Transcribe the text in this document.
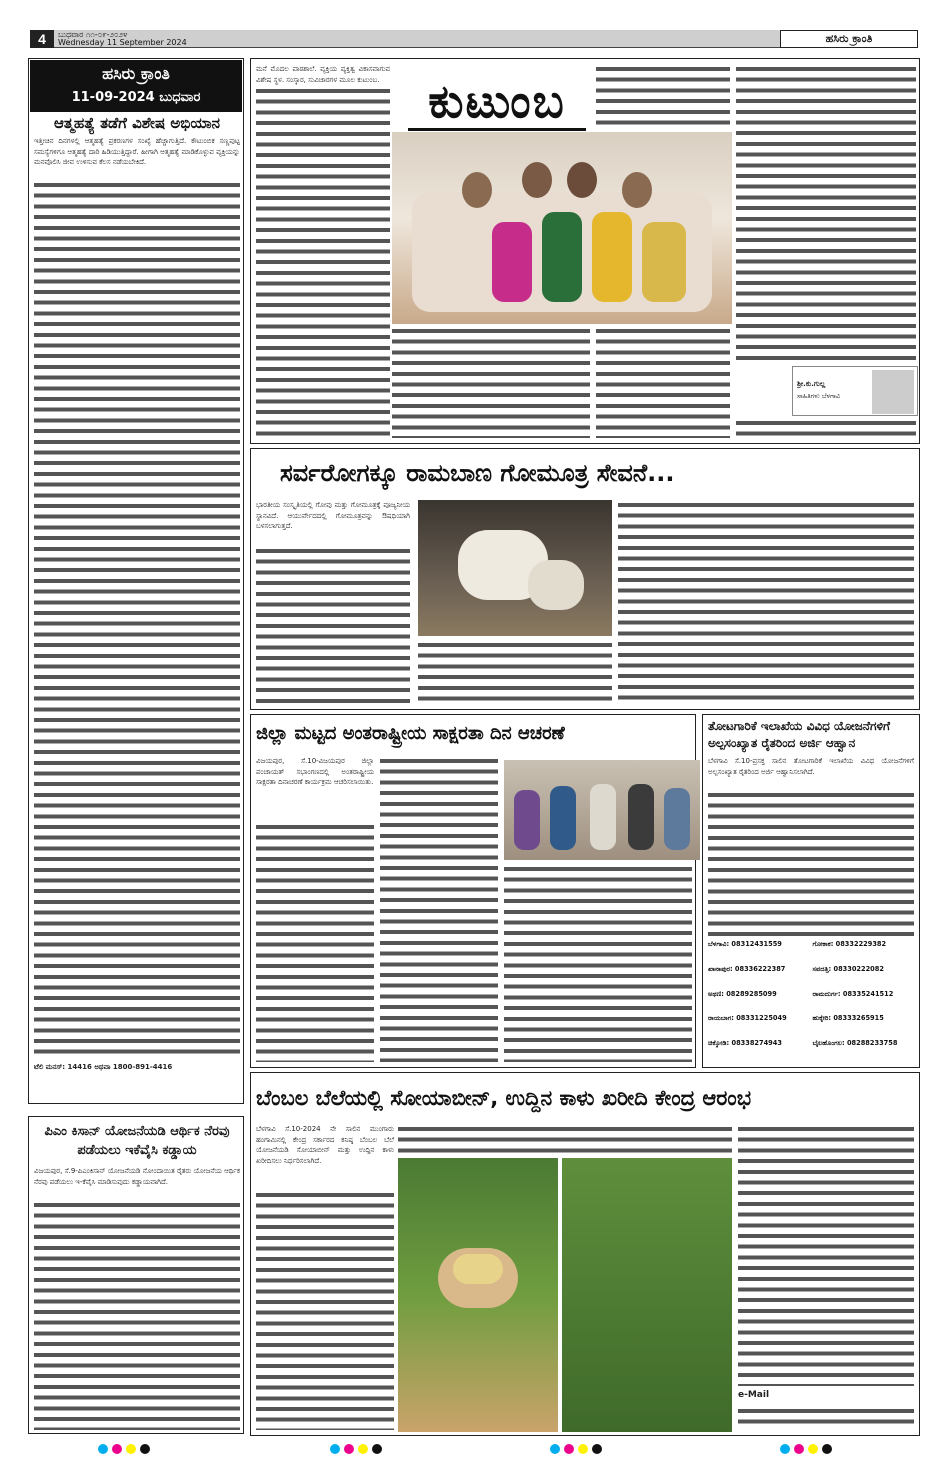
4	ಬುಧವಾರ ೧೧-೦೯-೨೦೨೪
Wednesday 11 September 2024	ಹಸಿರು ಕ್ರಾಂತಿ
ಹಸಿರು ಕ್ರಾಂತಿ
11-09-2024 ಬುಧವಾರ
ಆತ್ಮಹತ್ಯೆ ತಡೆಗೆ ವಿಶೇಷ ಅಭಿಯಾನ
ಇತ್ತೀಚಿನ ದಿನಗಳಲ್ಲಿ ಆತ್ಮಹತ್ಯೆ ಪ್ರಕರಣಗಳ ಸಂಖ್ಯೆ ಹೆಚ್ಚಾಗುತ್ತಿದೆ. ಕೌಟುಂಬಿಕ ಸಣ್ಣಪುಟ್ಟ ಸಮಸ್ಯೆಗಳಿಗೂ ಆತ್ಮಹತ್ಯೆ ದಾರಿ ಹಿಡಿಯುತ್ತಿದ್ದಾರೆ. ಹೀಗಾಗಿ ಆತ್ಮಹತ್ಯೆ ಮಾಡಿಕೊಳ್ಳುವ ವ್ಯಕ್ತಿಯನ್ನು ಮನವೊಲಿಸಿ ಜೀವ ಉಳಿಸುವ ಕೆಲಸ ನಡೆಯಬೇಕಿದೆ.
ಟೆಲಿ ಮನಸ್: 14416 ಅಥವಾ 1800-891-4416
ಪಿಎಂ ಕಿಸಾನ್ ಯೋಜನೆಯಡಿ ಆರ್ಥಿಕ ನೆರವು ಪಡೆಯಲು ಇಕೆವೈಸಿ ಕಡ್ಡಾಯ
ವಿಜಯಪುರ, ಸೆ.9-ಪಿಎಂಕಿಸಾನ್ ಯೋಜನೆಯಡಿ ನೋಂದಾಯಿತ ರೈತರು ಯೋಜನೆಯ ಆರ್ಥಿಕ ನೆರವು ಪಡೆಯಲು ಇ-ಕೆವೈಸಿ ಮಾಡಿಸುವುದು ಕಡ್ಡಾಯವಾಗಿದೆ.
ಕುಟುಂಬ
ಮನೆ ಮೊದಲ ಪಾಠಶಾಲೆ. ವ್ಯಕ್ತಿಯ ವ್ಯಕ್ತಿತ್ವ ವಿಕಾಸವಾಗುವ ವಿಶೇಷ ಸ್ಥಳ. ಸಂಸ್ಕಾರ, ಸುವಿಚಾರಗಳ ಮೂಲ ಕುಟುಂಬ.
ಶ್ರೀ.ಕು.ಗುಲ್ಲ
ಸಾಹಿತಿಗಳು ಬೆಳಗಾವಿ
ಸರ್ವರೋಗಕ್ಕೂ ರಾಮಬಾಣ ಗೋಮೂತ್ರ ಸೇವನೆ...
ಭಾರತೀಯ ಸಂಸ್ಕೃತಿಯಲ್ಲಿ ಗೋವು ಮತ್ತು ಗೋಮೂತ್ರಕ್ಕೆ ಪೂಜ್ಯನೀಯ ಸ್ಥಾನವಿದೆ. ಆಯುರ್ವೇದದಲ್ಲಿ ಗೋಮೂತ್ರವನ್ನು ಔಷಧಿಯಾಗಿ ಬಳಸಲಾಗುತ್ತದೆ.
ಜಿಲ್ಲಾ ಮಟ್ಟದ ಅಂತರಾಷ್ಟ್ರೀಯ ಸಾಕ್ಷರತಾ ದಿನ ಆಚರಣೆ
ವಿಜಯಪುರ, ಸೆ.10-ವಿಜಯಪುರ ಜಿಲ್ಲಾ ಪಂಚಾಯತ್ ಸಭಾಂಗಣದಲ್ಲಿ ಅಂತರಾಷ್ಟ್ರೀಯ ಸಾಕ್ಷರತಾ ದಿನಾಚರಣೆ ಕಾರ್ಯಕ್ರಮ ಆಚರಿಸಲಾಯಿತು.
ತೋಟಗಾರಿಕೆ ಇಲಾಖೆಯ ವಿವಿಧ ಯೋಜನೆಗಳಿಗೆ ಅಲ್ಪಸಂಖ್ಯಾತ ರೈತರಿಂದ ಅರ್ಜಿ ಆಹ್ವಾನ
ಬೆಳಗಾವಿ ಸೆ.10-ಪ್ರಸಕ್ತ ಸಾಲಿನ ತೋಟಗಾರಿಕೆ ಇಲಾಖೆಯ ವಿವಿಧ ಯೋಜನೆಗಳಿಗೆ ಅಲ್ಪಸಂಖ್ಯಾತ ರೈತರಿಂದ ಅರ್ಜಿ ಆಹ್ವಾನಿಸಲಾಗಿದೆ.
ಬೆಳಗಾವಿ: 08312431559	ಗೋಕಾಕ: 08332229382
ಖಾನಾಪುರ: 08336222387	ಸವದತ್ತಿ: 08330222082
ಅಥಣಿ: 08289285099	ರಾಮದುರ್ಗ: 08335241512
ರಾಯಬಾಗ: 08331225049	ಹುಕ್ಕೇರಿ: 08333265915
ಚಿಕ್ಕೋಡಿ: 08338274943	ಬೈಲಹೊಂಗಲ: 08288233758
ಬೆಂಬಲ ಬೆಲೆಯಲ್ಲಿ ಸೋಯಾಬೀನ್, ಉದ್ದಿನ ಕಾಳು ಖರೀದಿ ಕೇಂದ್ರ ಆರಂಭ
ಬೆಳಗಾವಿ ಸೆ.10-2024 ನೇ ಸಾಲಿನ ಮುಂಗಾರು ಹಂಗಾಮಿನಲ್ಲಿ ಕೇಂದ್ರ ಸರ್ಕಾರದ ಕನಿಷ್ಠ ಬೆಂಬಲ ಬೆಲೆ ಯೋಜನೆಯಡಿ ಸೋಯಾಬೀನ್ ಮತ್ತು ಉದ್ದಿನ ಕಾಳು ಖರೀದಿಸಲು ನಿರ್ಧರಿಸಲಾಗಿದೆ.
e-Mail
